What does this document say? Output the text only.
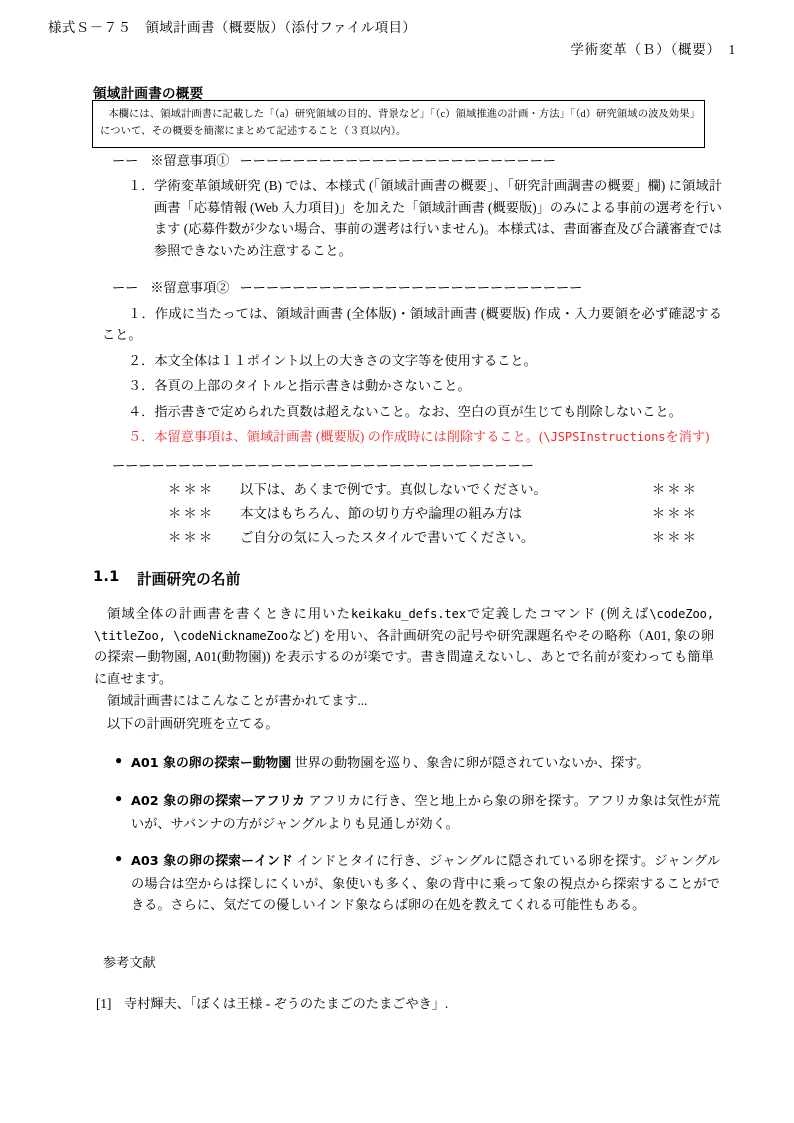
様式Ｓ－７５　領域計画書（概要版）（添付ファイル項目）
学術変革（Ｂ）（概要）　1
領域計画書の概要

本欄には、領域計画書に記載した「（a）研究領域の目的、背景など」「（c）領域推進の計画・方法」「（d）研究領域の波及効果」について、その概要を簡潔にまとめて記述すること（３頁以内）。

ーー ※留意事項① ーーーーーーーーーーーーーーーーーーーーーーーー
１． 学術変革領域研究 (B) では、本様式 (「領域計画書の概要」、「研究計画調書の概要」欄) に領域計画書「応募情報 (Web 入力項目)」を加えた「領域計画書 (概要版)」のみによる事前の選考を行います (応募件数が少ない場合、事前の選考は行いません)。本様式は、書面審査及び合議審査では参照できないため注意すること。
ーー ※留意事項② ーーーーーーーーーーーーーーーーーーーーーーーーーー
１．作成に当たっては、領域計画書 (全体版)・領域計画書 (概要版) 作成・入力要領を必ず確認すること。
２．本文全体は１１ポイント以上の大きさの文字等を使用すること。
３．各頁の上部のタイトルと指示書きは動かさないこと。
４．指示書きで定められた頁数は超えないこと。なお、空白の頁が生じても削除しないこと。
５．本留意事項は、領域計画書 (概要版) の作成時には削除すること。(\JSPSInstructionsを消す)
ーーーーーーーーーーーーーーーーーーーーーーーーーーーーーーーー
＊＊＊	以下は、あくまで例です。真似しないでください。	＊＊＊
＊＊＊	本文はもちろん、節の切り方や論理の組み方は	＊＊＊
＊＊＊	ご自分の気に入ったスタイルで書いてください。	＊＊＊
1.1	計画研究の名前
領域全体の計画書を書くときに用いたkeikaku_defs.texで定義したコマンド (例えば\codeZoo, \titleZoo, \codeNicknameZooなど) を用い、各計画研究の記号や研究課題名やその略称（A01, 象の卵の探索ー動物園, A01(動物園)) を表示するのが楽です。書き間違えないし、あとで名前が変わっても簡単に直せます。
領域計画書にはこんなことが書かれてます...
以下の計画研究班を立てる。
● A01 象の卵の探索ー動物園 世界の動物園を巡り、象舎に卵が隠されていないか、探す。
● A02 象の卵の探索ーアフリカ アフリカに行き、空と地上から象の卵を探す。アフリカ象は気性が荒いが、サバンナの方がジャングルよりも見通しが効く。
● A03 象の卵の探索ーインド インドとタイに行き、ジャングルに隠されている卵を探す。ジャングルの場合は空からは探しにくいが、象使いも多く、象の背中に乗って象の視点から探索することができる。さらに、気だての優しいインド象ならば卵の在処を教えてくれる可能性もある。
参考文献
[1] 寺村輝夫、「ぼくは王様 - ぞうのたまごのたまごやき」.
